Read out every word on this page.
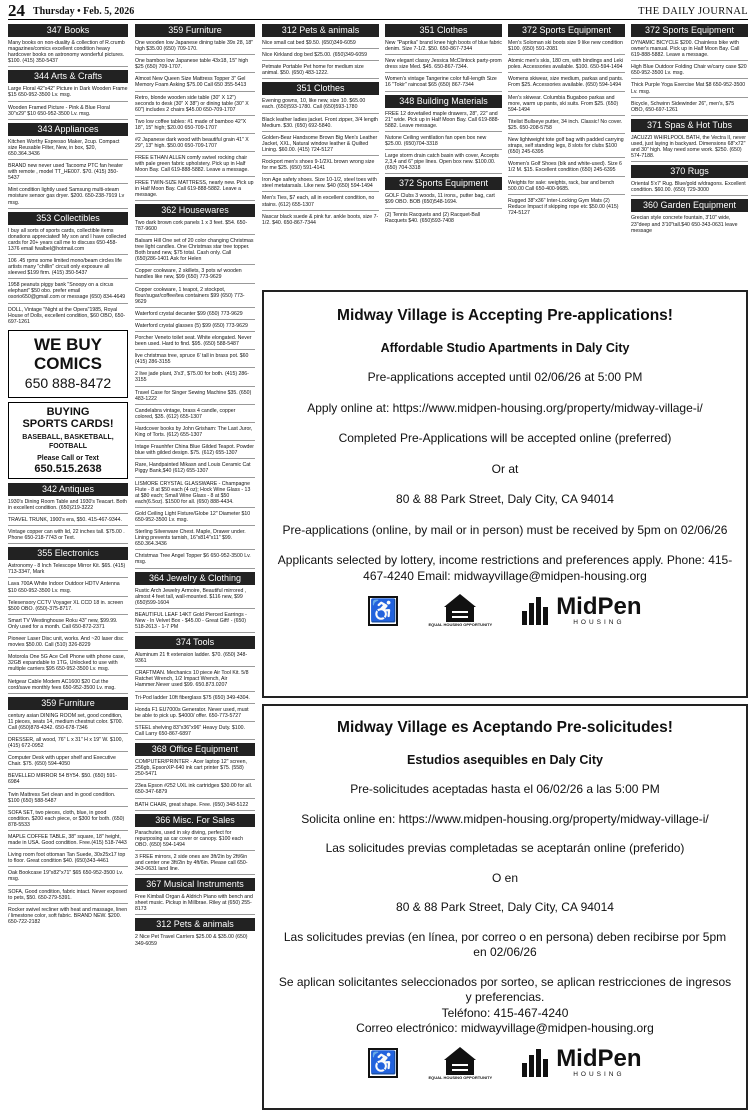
24 Thursday • Feb. 5, 2026	THE DAILY JOURNAL
347 Books
Many books on non-duality & collection of R.crumb magazines/comics excellent condition heavy hardcover books on astronomy wonderful pictures. $100. (415) 350-5437
344 Arts & Crafts
Large Floral 42"x42" Picture in Dark Wooden Frame $15 650-952-3500 Lv. msg.
Wooden Framed Picture - Pink & Blue Floral 30"x29" $10 650-952-3500 Lv. msg.
343 Appliances
Kitchen Worthy Espresso Maker, 2cup. Compact size Reusable Filter, New, in box, $20, 650.364.3436
BRAND new never used Tacoomz PTC fan heater with remote , model TT_HE007. $70. (415) 350-5437
Mint condition lightly used Samsung multi-steam moisture sensor gas dryer. $200. 650-238-7919 Lv msg.
353 Collectibles
I buy all sorts of sports cards, collectible items donations appreciated! My son and I have collected cards for 20+ years call me to discuss 650-458-1376 email fwalbel@hotmail.com
106 .45 rpms some limited mono/beam circles life artists many "chillin" circuit only exposure all sleeved $199 firm. (415) 350-5437
1958 peanuts piggy bank "Snoopy on a circus elephant" $50 obo. prefer email osorio650@gmail.com or message (650) 834-4649
DOLL, Vintage "Night at the Opera"1985, Royal House of Dolls, excellent condition, $60 OBO, 650-697-1261
WE BUY
COMICS
650 888-8472
BUYING
SPORTS CARDS!
BASEBALL, BASKETBALL, FOOTBALL
Please Call or Text
650.515.2638
342 Antiques
1930's Dining Room Table and 1930's Teacart. Both in excellent condition. (650)219-3222
TRAVEL TRUNK, 1900's era, $50. 415-467-9344.
Vintage copper can with lid, 22 inches tall. $75.00 . Phone 650-218-7743 or Text.
355 Electronics
Astronomy - 8 Inch Telescope Mirror Kit. $65. (415) 713-3347, Mark
Lava 700A White Indoor Outdoor HDTV Antenna $10 650-952-3500 Lv. msg.
Telesensory CCTV Voyager XL CCD 18 in. screen $500 OBO. (650)-375-8717.
Smart TV Westinghouse Roku 43" new, $99.99. Only used for a month. Call 650-872-2371
Pioneer Laser Disc unit, works. And ~20 laser disc movies $50.00. Call (510) 326-8229
Motorola One 5G Ace Cell Phone with phone case, 32GB expandable to 1TG, Unlocked to use with multiple carriers $95 650-952-3500 Lv. msg.
Netgear Cable Modem AC1600 $20 Cut the cord/save monthly fees 650-952-3500 Lv. msg.
359 Furniture
century asian DINING ROOM set, good condition, 11 pieces, seats 14, medium chestnut color. $700. Call (650)878-4342. 650-678-7346
DRESSER, all wood, 76" L x 31" H x 19" W. $100, (415) 672-0952
Computer Desk with upper shelf and Executive Chair. $75. (650) 594-4050
BEVELLED MIRROR 54 BY54. $50. (650) 591-6984
Twin Mattress Set clean and in good condition. $100 (650) 588-5487
SOFA SET, two pieces, cloth, blue, in good condition. $200 each piece, or $300 for both. (650) 878-5533
MAPLE COFFEE TABLE, 38" square, 18" height, made in USA. Good condition. Free.(415) 518-7443
Living room foot ottoman Tan Suede, 30x25x17 top to floor. Great condition $40. (650)343-4461
Oak Bookcase 19"x82"x71" $65 650-952-3500 Lv. msg.
SOFA, Good condition, fabric intact. Never exposed to pets, $50. 650-279-5391.
Rocker swivel recliner with heat and massage, linen / limestone color, soft fabric. BRAND NEW. $200. 650-722-2182
359 Furniture
One wooden low Japanese dining table 39x 28, 18" high $35.00 (650) 709-170.
One bamboo low Japanese table 43x18, 15" high $25 (650) 709-1707.
Almost New Queen Size Mattress Topper 3" Gel Memory Foam Asking $75.00 Call 650 355-5413
Retro, blonde wooden side table (30" X 12") seconds to desk (30" X 38") or dining table (30" X 60") includes 2 chairs $45.00 650-709-1707
Two low coffee tables: #1 made of bamboo 42"X 18", 15" high; $20.00 650-709-1707
#2 Japanese dark wood with beautiful grain 41" X 29", 13" high. $50.00 650-709-1707
FREE ETHAN ALLEN comfy swivel rocking chair with pale green fabric upholstery. Pick up in Half Moon Bay. Call 619-888-5882. Leave a message.
FREE TWIN-SIZE MATTRESS, nearly new. Pick up in Half Moon Bay. Call 619-888-5882. Leave a message.
362 Housewares
Two dark brown cork panels 1 x 3 feet. $54. 650-787-9600
Balsam Hill One set of 20 color changing Christmas tree light candles. One Christmas star tree topper. Both brand new, $75 total. Cash only. Call (650)286-1401 Ask for Helen
Copper cookware, 2 skillets, 3 pots w/ wooden handles like new, $99 (650) 773-9629
Copper cookware, 1 teapot, 2 stockpot, flour/sugar/coffee/tea containers $99 (650) 773-9629
Waterford crystal decanter $99 (650) 773-9629
Waterford crystal glasses (5) $99 (650) 773-9629
Porcher Veneto toilet seat. White elongated. Never been used. Hard to find. $95. (650) 588-5487
live christmas tree, spruce 6' tall in brass pot. $60 (415) 286-3155
2 live jade plant, 3'x3', $75.00 for both. (415) 286-3155
Travel Case for Singer Sewing Machine $35. (650) 483-1222
Candelabra vintage, brass 4 candle, copper colored, $35. (612) 655-1307
Hardcover books by John Grisham: The Last Juror, King of Torts. (612) 655-1307
Intage Fraunhfer China Blue Gilded Teapot. Powder blue with gilded design. $75. (612) 655-1307
Rare, Handpainted Mikasn and Louis Ceramic Cat Piggy Bank,$40 (612) 655-1307
LISMORE CRYSTAL GLASSWARE - Champagne Flute - 8 at $50 each (4 oz); Hock Wine Glass - 13 at $80 each; Small Wine Glass - 8 at $50 each(6.5oz). $1500 for all. (650) 888-4434.
Gold Ceiling Light Fixture/Globe 12" Diameter $10 650-952-3500 Lv. msg.
Sterling Silverware Chest. Maple, Drawer under. Lining prevents tarnish, 16"x814"x11" $99. 650.364.3436
Christmas Tree Angel Topper $6 650-952-3500 Lv. msg.
364 Jewelry & Clothing
Rustic Arch Jewelry Armoire, Beautiful mirrored , almost 4 feet tall, wall-mounted. $116 new, $99 (650)599-1604
BEAUTIFUL LEAF 14KT Gold Pierced Earrings - New - In Velvet Box - $45.00 - Great Gift! - (650) 518-2613 - 1-7 PM
374 Tools
Aluminum 21 ft extension ladder. $70. (650) 348-9361
CRAFTMAN. Mechanics 10 piece Air Tool Kit. 5/8 Ratchet Wrench, 1/2 Impact Wrench, Air Hammer.Never used $99. 650.873.0207
Tri-Pod ladder 10ft fiberglass $75 (650) 349-4304.
Honda F1 EU7000s Generator. Never used, must be able to pick up. $4000/ offer. 650-773-5727
STEEL shelving 83"x36"x96" Heavy Duty. $100. Call Larry 650-867-6897
368 Office Equipment
COMPUTER/PRINTER - Acer laptop 12" screen, 256gb, EpsonXP-640 ink cart printer $75. (558) 250-5471
23ea Epson #252 UXL ink cartridges $30.00 for all. 650-347-6879
BATH CHAIR, great shape. Free. (650) 348-5122
366 Misc. For Sales
Parachutes, used in sky diving, perfect for repurposing as car cover or canopy. $100 each OBO. (650) 594-1494
3 FREE mirrors, 2 side ones are 3ft/2in by 2ft/6in and center one 3ft/2in by 4ft/6in. Please call 650-343-0631 land line.
367 Musical Instruments
Free Kimball Organ & Aldrich Piano with bench and sheet music. Pickup in Millbrae. Riley at (650) 255-8173
312 Pets & animals
2 Nice Pet Travel Carriers $25.00 & $35.00 (650) 349-6059
312 Pets & animals
Nice small cat bed $9.50. (650)349-6059
Nice Kirkland dog bed $25.00. (650)349-6059
Petmate Portable Pet home for medium size animal. $50. (650) 483-1222.
351 Clothes
Evening gowns, 10, like new, size 10. $65.00 each. (650)593-1780. Call (650)593-1780
Black leather ladies jacket. Front zipper, 3/4 length Medium. $30. (650) 692-5840.
Golden-Bear Handsome Brown Big Men's Leather Jacket, XXL, Natural window leather & Quilted Lining. $60.00. (415) 724-5127
Rockport men's shoes 9-1/2XL brown wrong size for me $25. (650) 591-4141
Iron Age safety shoes. Size 10-1/2, steel toes with steel metatarsals. Like new. $40 (650) 594-1494
Men's Ties, $7 each, all in excellent condition, no stains. (612) 655-1307
Nascar black suede & pink fur. ankle boots, size 7-1/2. $40. 650-867-7344
351 Clothes
New "Paprika" brand knee high boots of blue fabric denim. Size 7-1/2. $50. 650-867-7344
New elegant classy Jessica McClintock party-prom dress size Med. $45. 650-867-7344.
Women's vintage Tangerine color full-length Size 16 "Tokir" raincoat $65 (650) 867-7344
348 Building Materials
FREE 12 dovetailed maple drawers, 28", 22" and 21" wide. Pick up in Half Moon Bay. Call 619-888-5882. Leave message.
Nutone Ceiling ventilation fan open box new $25.00. (650)704-3318
Large storm drain catch basin with cover, Accepts 2,3,4 and 6" pipe lines. Open box new. $100.00. (650) 704-3318
372 Sports Equipment
GOLF Clubs 3 woods, 11 irons,, putter bag, cart $99 OBO. BOB (650)548-1694.
(2) Tennis Racquets and (2) Racquet-Ball Racquets $40. (650)593-7408
372 Sports Equipment
Men's Soloman ski boots size 9 like new condition $100. (650) 591-2081
Atomic men's skis, 180 cm, with bindings and Leki poles. Accessories available. $100. 650-594-1494
Womens skiwear, size medium, parkas and pants. From $25. Accessories available. (650) 594-1494
Men's skiwear. Columbia Bugaboo parkas and more, warm up pants, ski suits. From $25. (650) 594-1494
Titelist Bullseye putter, 34 inch. Classic! No cover. $25. 650-208-5758
New lightweight tote golf bag with padded carrying straps, self standing legs, 8 slots for clubs $100 (650) 245-6395
Women's Golf Shoes (blk and white-used). Size 6 1/2 M. $15. Excellent condition (650) 245-6395
Weights for sale: weights, rack, bar and bench 500.00 Call 650-400-9685.
Rugged 38"x36" Inter-Locking Gym Mats (2) Reduce Impact if skipping rope etc $50.00 (415) 724-5127
372 Sports Equipment
DYNAMIC BICYCLE $200. Chainless bike with owner's manual. Pick up in Half Moon Bay. Call 619-888-5882. Leave a message.
High Blue Outdoor Folding Chair w/carry case $20 650-952-3500 Lv. msg.
Thick Purple Yoga Exercise Mat $8 650-952-3500 Lv. msg.
Bicycle, Schwinn Sidewinder 26", men's, $75 OBO, 650-697-1261
371 Spas & Hot Tubs
JACUZZI WHIRLPOOL BATH, the Vectra II, never used, just laying in backyard. Dimensions 68"x72" and 30" high. May need some work. $250. (650) 574-7188.
370 Rugs
Oriental 5'x7' Rug. Blue/gold w/dragons. Excellent condition. $60.00. (650) 729-3000
360 Garden Equipment
Grecian style concrete fountain, 3'10" wide, 23"deep and 3'10"tall.$40 650-343-0631 leave message
Midway Village is Accepting Pre-applications!
Affordable Studio Apartments in Daly City
Pre-applications accepted until 02/06/26 at 5:00 PM
Apply online at: https://www.midpen-housing.org/property/midway-village-i/
Completed Pre-Applications will be accepted online (preferred)
Or at
80 & 88 Park Street, Daly City, CA 94014
Pre-applications (online, by mail or in person) must be received by 5pm on 02/06/26
Applicants selected by lottery, income restrictions and preferences apply. Phone: 415-467-4240 Email: midwayvillage@midpen-housing.org
♿
EQUAL HOUSING OPPORTUNITY
MidPen
HOUSING
Midway Village es Aceptando Pre-solicitudes!
Estudios asequibles en Daly City
Pre-solicitudes aceptadas hasta el 06/02/26 a las 5:00 PM
Solicita online en: https://www.midpen-housing.org/property/midway-village-i/
Las solicitudes previas completadas se aceptarán online (preferido)
O en
80 & 88 Park Street, Daly City, CA 94014
Las solicitudes previas (en línea, por correo o en persona) deben recibirse por 5pm en 02/06/26
Se aplican solicitantes seleccionados por sorteo, se aplican restricciones de ingresos y preferencias.
Teléfono: 415-467-4240
Correo electrónico: midwayvillage@midpen-housing.org
♿
EQUAL HOUSING OPPORTUNITY
MidPen
HOUSING
